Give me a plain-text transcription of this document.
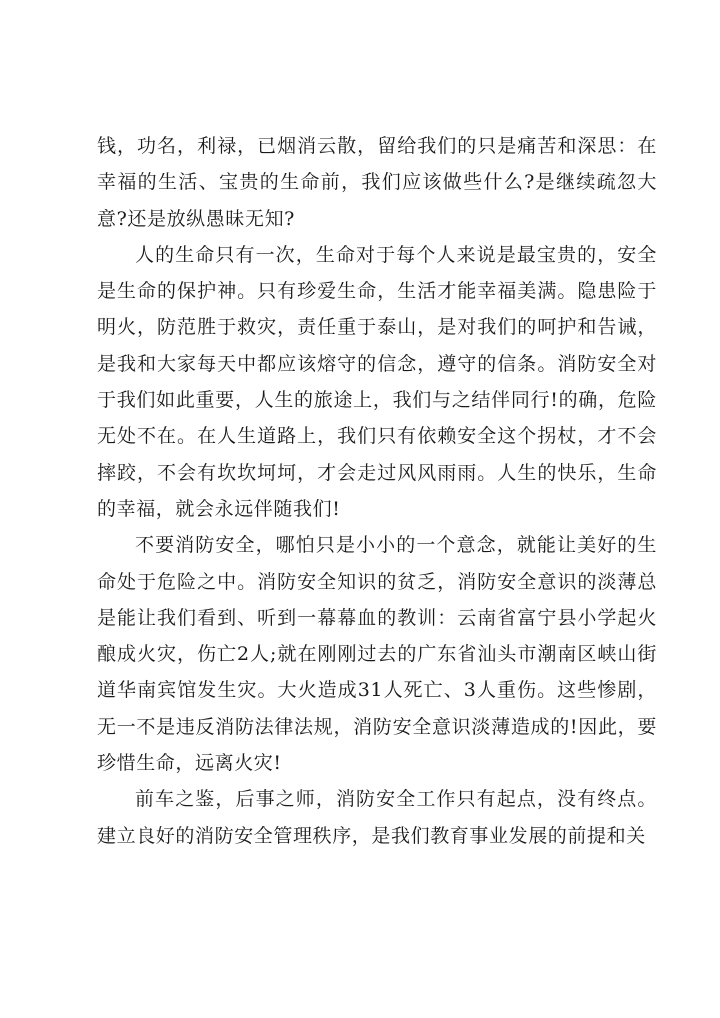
钱，功名，利禄，已烟消云散，留给我们的只是痛苦和深思：在幸福的生活、宝贵的生命前，我们应该做些什么?是继续疏忽大意?还是放纵愚昧无知?

人的生命只有一次，生命对于每个人来说是最宝贵的，安全是生命的保护神。只有珍爱生命，生活才能幸福美满。隐患险于明火，防范胜于救灾，责任重于泰山，是对我们的呵护和告诫，是我和大家每天中都应该熔守的信念，遵守的信条。消防安全对于我们如此重要，人生的旅途上，我们与之结伴同行!的确，危险无处不在。在人生道路上，我们只有依赖安全这个拐杖，才不会摔跤，不会有坎坎坷坷，才会走过风风雨雨。人生的快乐，生命的幸福，就会永远伴随我们!

不要消防安全，哪怕只是小小的一个意念，就能让美好的生命处于危险之中。消防安全知识的贫乏，消防安全意识的淡薄总是能让我们看到、听到一幕幕血的教训：云南省富宁县小学起火酿成火灾，伤亡2人;就在刚刚过去的广东省汕头市潮南区峡山街道华南宾馆发生灾。大火造成31人死亡、3人重伤。这些惨剧，无一不是违反消防法律法规，消防安全意识淡薄造成的!因此，要珍惜生命，远离火灾!

前车之鉴，后事之师，消防安全工作只有起点，没有终点。建立良好的消防安全管理秩序，是我们教育事业发展的前提和关
